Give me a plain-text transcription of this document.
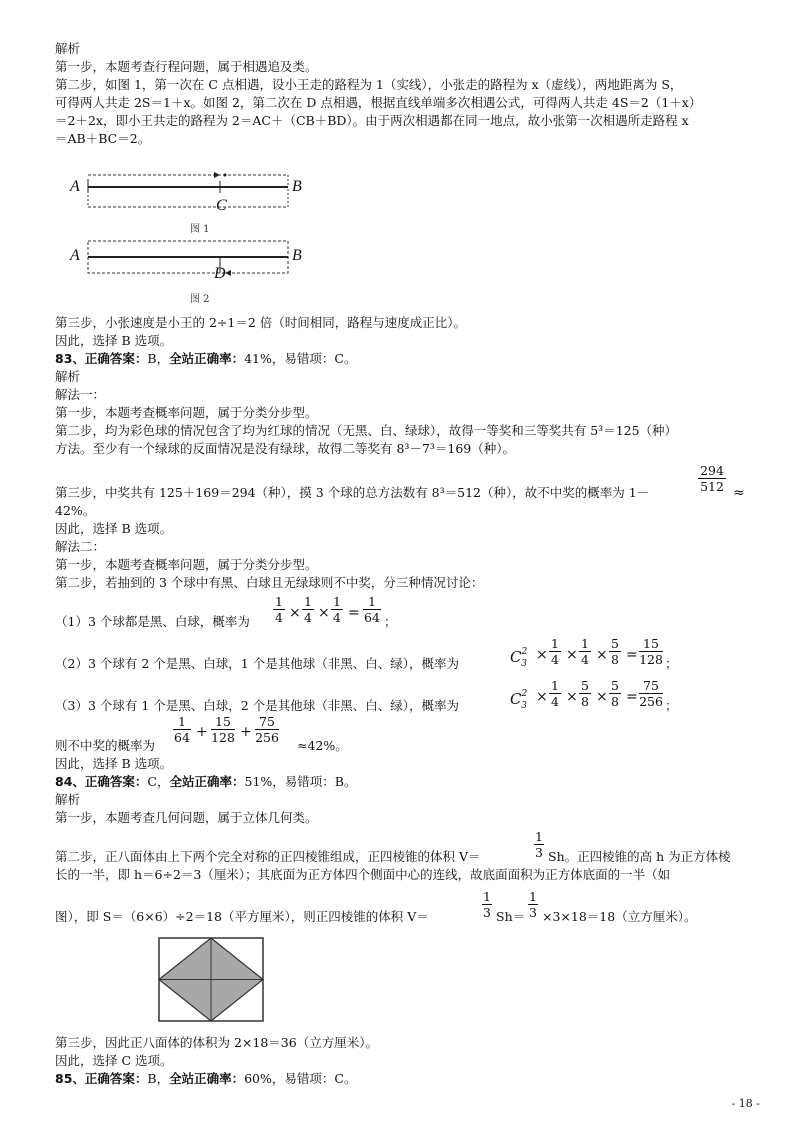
解析
第一步，本题考查行程问题，属于相遇追及类。
第二步，如图 1，第一次在 C 点相遇，设小王走的路程为 1（实线），小张走的路程为 x（虚线），两地距离为 S，
可得两人共走 2S＝1＋x。如图 2，第二次在 D 点相遇，根据直线单端多次相遇公式，可得两人共走 4S＝2（1＋x）
＝2＋2x，即小王共走的路程为 2＝AC＋（CB＋BD）。由于两次相遇都在同一地点，故小张第一次相遇所走路程 x
＝AB＋BC＝2。
A	B
C
图 1
A	B
D
图 2
第三步，小张速度是小王的 2÷1＝2 倍（时间相同，路程与速度成正比）。
因此，选择 B 选项。
83、正确答案：B，全站正确率：41%，易错项：C。
解析
解法一：
第一步，本题考查概率问题，属于分类分步型。
第二步，均为彩色球的情况包含了均为红球的情况（无黑、白、绿球），故得一等奖和三等奖共有 5³＝125（种）
方法。至少有一个绿球的反面情况是没有绿球，故得二等奖有 8³－7³＝169（种）。
第三步，中奖共有 125＋169＝294（种），摸 3 个球的总方法数有 8³＝512（种），故不中奖的概率为 1－
294
512 ≈
42%。
因此，选择 B 选项。
解法二：
第一步，本题考查概率问题，属于分类分步型。
第二步，若抽到的 3 个球中有黑、白球且无绿球则不中奖，分三种情况讨论：
（1）3 个球都是黑、白球，概率为
1
4 ×
1
4 ×
1
4 =
1
64 ；
（2）3 个球有 2 个是黑、白球，1 个是其他球（非黑、白、绿），概率为	$C^2_3$
×
1
4 ×
1
4 ×
5
8 =
15
128 ；
（3）3 个球有 1 个是黑、白球，2 个是其他球（非黑、白、绿），概率为	$C^2_3$
×
1
4 ×
5
8 ×
5
8 =
75
256 ；
1
64 +
15
128 +
75
256
则不中奖的概率为	≈42%。
因此，选择 B 选项。
84、正确答案：C，全站正确率：51%，易错项：B。
解析
第一步，本题考查几何问题，属于立体几何类。
第二步，正八面体由上下两个完全对称的正四棱锥组成，正四棱锥的体积 V＝
1
3 Sh。正四棱锥的高 h 为正方体棱
长的一半，即 h＝6÷2＝3（厘米）；其底面为正方体四个侧面中心的连线，故底面面积为正方体底面的一半（如
图），即 S＝（6×6）÷2＝18（平方厘米），则正四棱锥的体积 V＝
1
3 Sh＝
1
3 ×3×18＝18（立方厘米）。
第三步，因此正八面体的体积为 2×18＝36（立方厘米）。
因此，选择 C 选项。
85、正确答案：B，全站正确率：60%，易错项：C。
- 18 -
